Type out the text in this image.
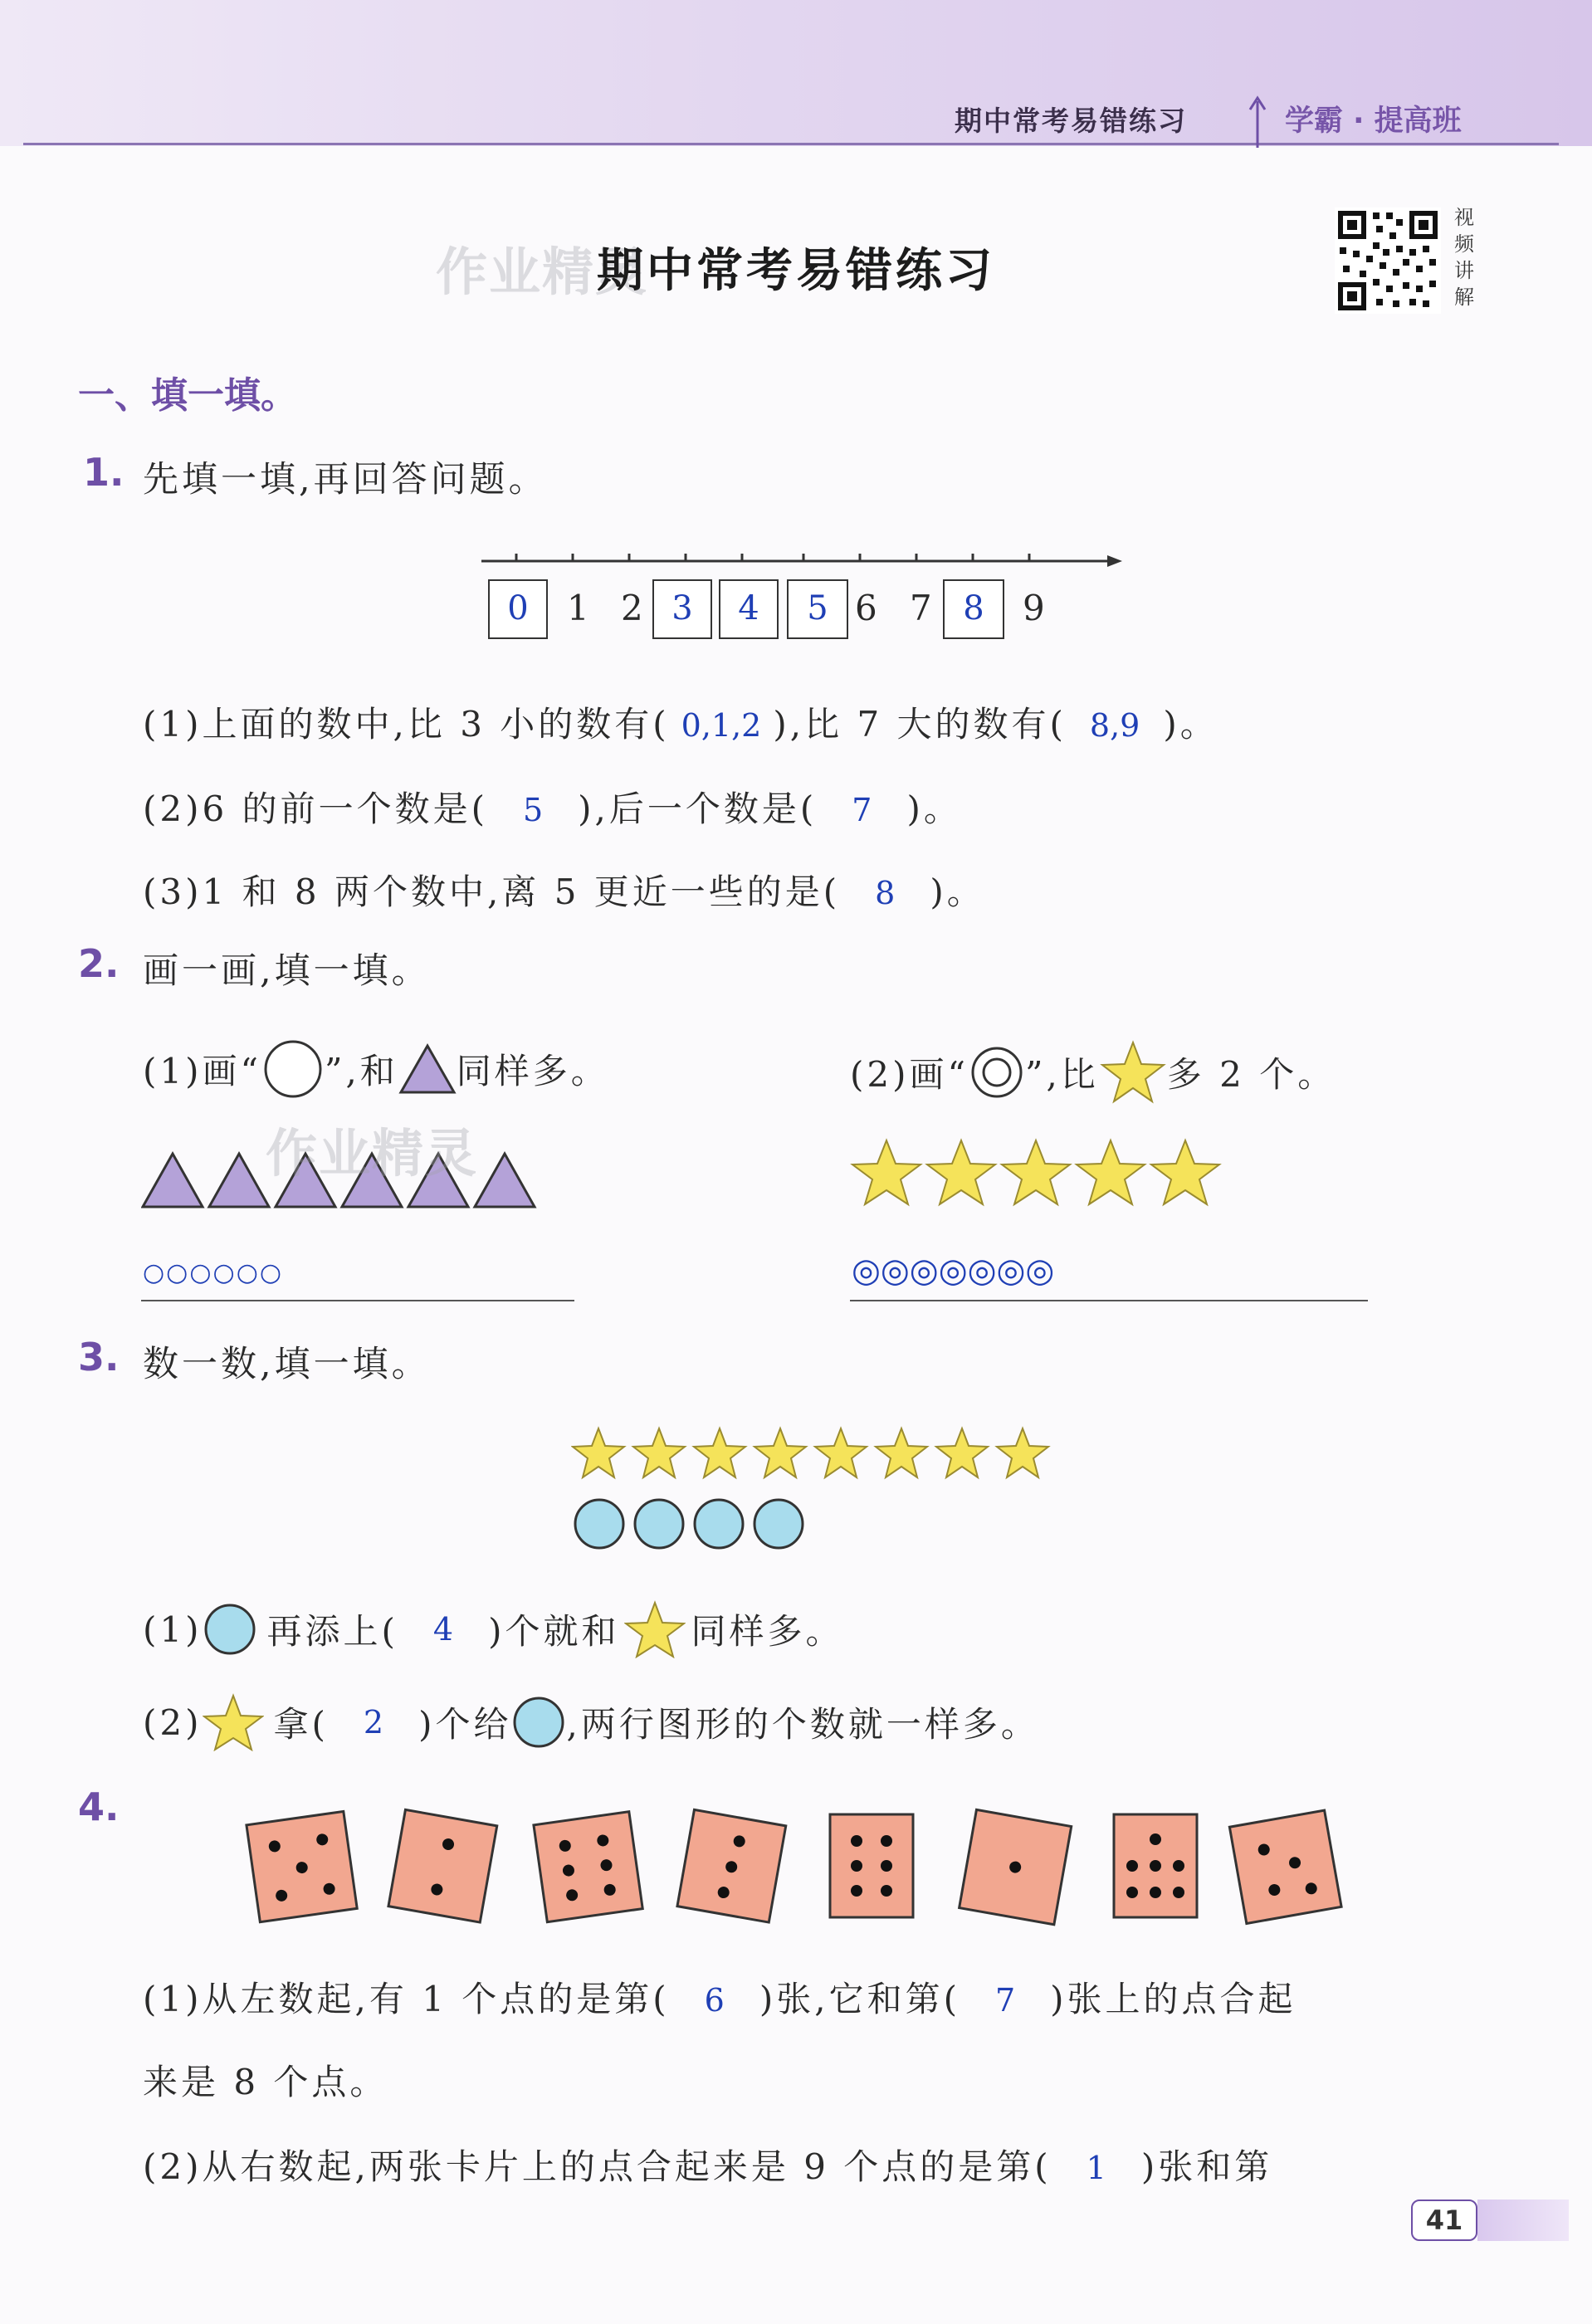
期中常考易错练习	学霸 · 提高班
作业精灵
期中常考易错练习
视频讲解
一、填一填。
1. 先填一填,再回答问题。
0	1 2 3	4	5 6 7 8	9
(1)上面的数中,比 3 小的数有( 0,1,2 ),比 7 大的数有( 8,9 )。
(2)6 的前一个数是( 5 ),后一个数是( 7 )。
(3)1 和 8 两个数中,离 5 更近一些的是( 8 )。
2. 画一画,填一填。
(1)画“ ”,和 同样多。	(2)画“ ”,比 多 2 个。
作业精灵
○○○○○○	◎◎◎◎◎◎◎
3. 数一数,填一填。
(1) 再添上(	4	)个就和 同样多。
(2) 拿(	2	)个给 ,两行图形的个数就一样多。
4.
(1)从左数起,有 1 个点的是第( 6 )张,它和第( 7 )张上的点合起
来是 8 个点。
(2)从右数起,两张卡片上的点合起来是 9 个点的是第( 1 )张和第
41
